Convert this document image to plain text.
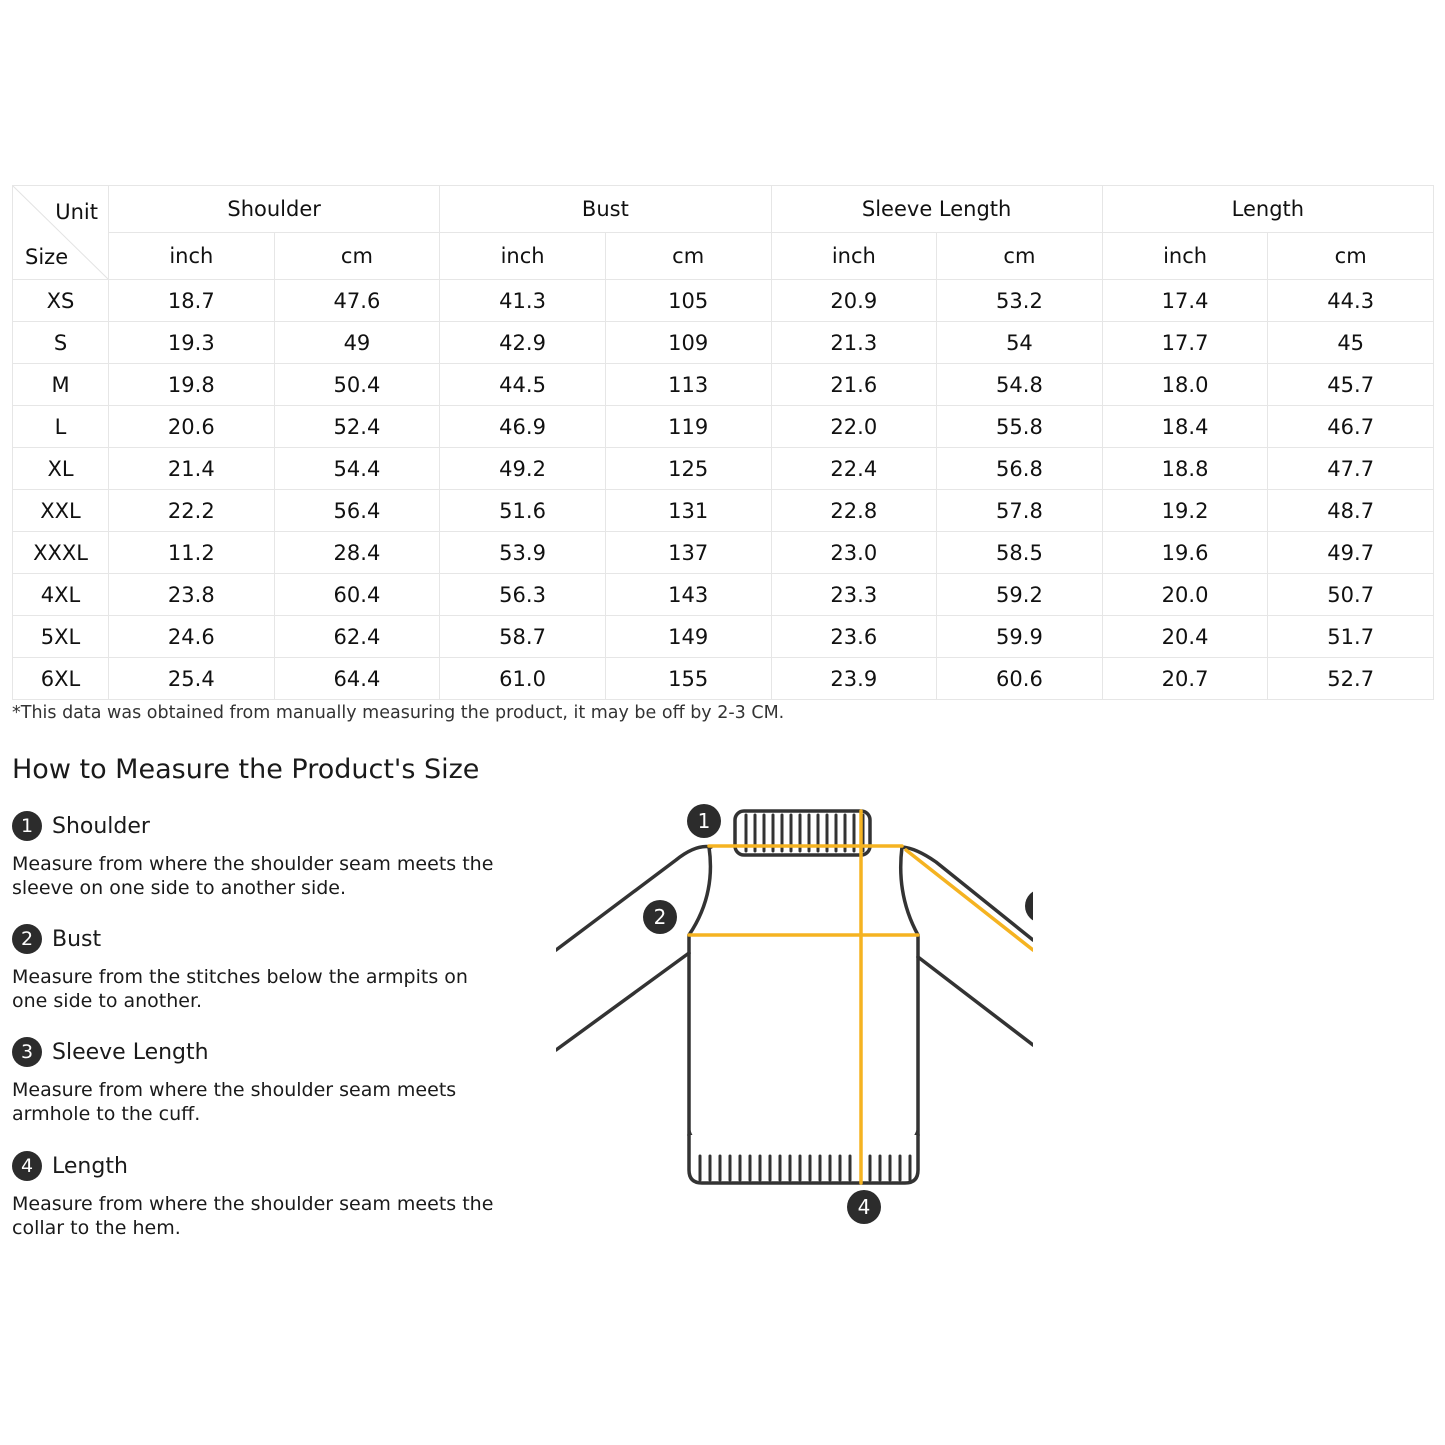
Unit
Size	Shoulder		Bust		Sleeve Length		Length	
	inch	cm	inch	cm	inch	cm	inch	cm
XS	18.7	47.6	41.3	105	20.9	53.2	17.4	44.3
S	19.3	49	42.9	109	21.3	54	17.7	45
M	19.8	50.4	44.5	113	21.6	54.8	18.0	45.7
L	20.6	52.4	46.9	119	22.0	55.8	18.4	46.7
XL	21.4	54.4	49.2	125	22.4	56.8	18.8	47.7
XXL	22.2	56.4	51.6	131	22.8	57.8	19.2	48.7
XXXL	11.2	28.4	53.9	137	23.0	58.5	19.6	49.7
4XL	23.8	60.4	56.3	143	23.3	59.2	20.0	50.7
5XL	24.6	62.4	58.7	149	23.6	59.9	20.4	51.7
6XL	25.4	64.4	61.0	155	23.9	60.6	20.7	52.7
*This data was obtained from manually measuring the product, it may be off by 2-3 CM.
How to Measure the Product's Size
1 Shoulder
Measure from where the shoulder seam meets the sleeve on one side to another side.
2 Bust
Measure from the stitches below the armpits on one side to another.
3 Sleeve Length
Measure from where the shoulder seam meets armhole to the cuff.
4 Length
Measure from where the shoulder seam meets the collar to the hem.
1
2
4
